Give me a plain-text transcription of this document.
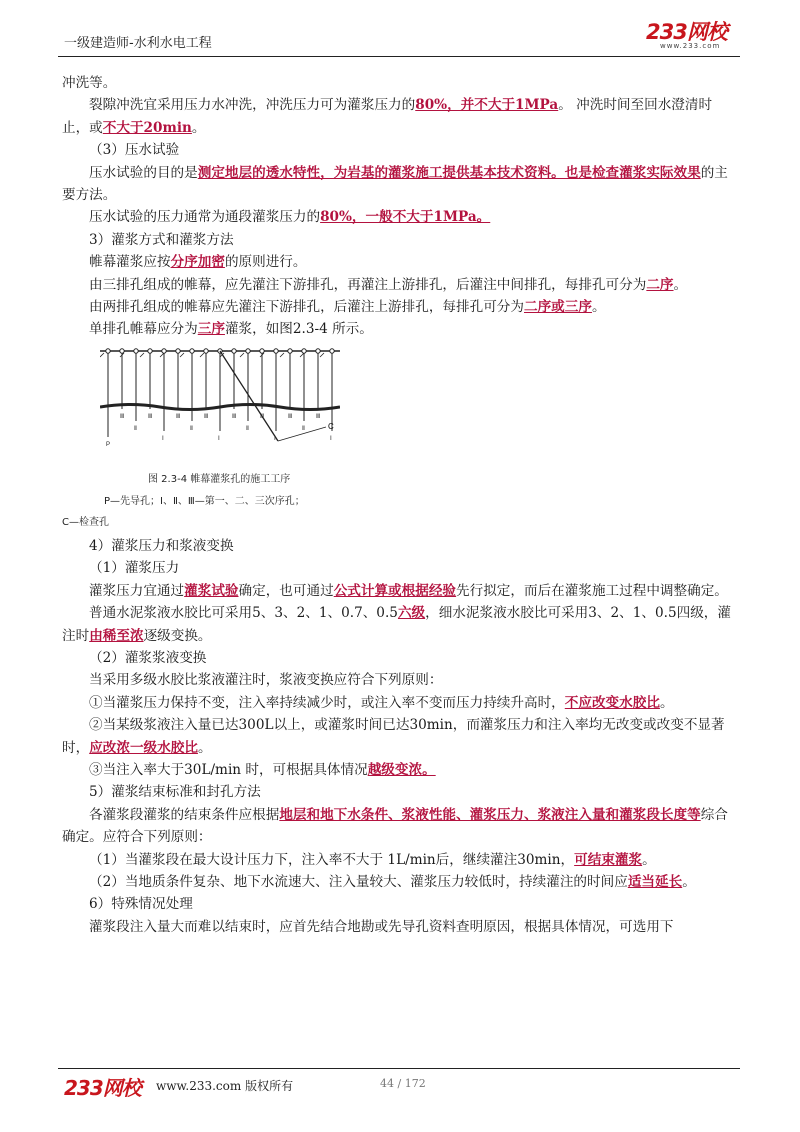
一级建造师-水利水电工程	233网校
www.233.com

冲洗等。

裂隙冲洗宜采用压力水冲洗，冲洗压力可为灌浆压力的80%，并不大于1MPa。 冲洗时间至回水澄清时止，或不大于20min。

（3）压水试验

压水试验的目的是测定地层的透水特性，为岩基的灌浆施工提供基本技术资料。也是检查灌浆实际效果的主要方法。

压水试验的压力通常为通段灌浆压力的80%，一般不大于1MPa。

3）灌浆方式和灌浆方法

帷幕灌浆应按分序加密的原则进行。

由三排孔组成的帷幕，应先灌注下游排孔，再灌注上游排孔，后灌注中间排孔，每排孔可分为二序。

由两排孔组成的帷幕应先灌注下游排孔，后灌注上游排孔，每排孔可分为二序或三序。

单排孔帷幕应分为三序灌浆，如图2.3-4 所示。

C
P
Ⅲ
Ⅱ
Ⅲ
Ⅰ
Ⅲ
Ⅱ
Ⅲ
Ⅰ
Ⅲ
Ⅱ
Ⅲ
Ⅰ
Ⅲ
Ⅱ
Ⅲ
Ⅰ
图 2.3-4 帷幕灌浆孔的施工工序
P—先导孔；Ⅰ、Ⅱ、Ⅲ—第一、二、三次序孔；
C—检查孔

4）灌浆压力和浆液变换

（1）灌浆压力

灌浆压力宜通过灌浆试验确定，也可通过公式计算或根据经验先行拟定，而后在灌浆施工过程中调整确定。

普通水泥浆液水胶比可采用5、3、2、1、0.7、0.5六级，细水泥浆液水胶比可采用3、2、1、0.5四级，灌注时由稀至浓逐级变换。

（2）灌浆浆液变换

当采用多级水胶比浆液灌注时，浆液变换应符合下列原则：

①当灌浆压力保持不变，注入率持续减少时，或注入率不变而压力持续升高时，不应改变水胶比。

②当某级浆液注入量已达300L以上，或灌浆时间已达30min，而灌浆压力和注入率均无改变或改变不显著时，应改浓一级水胶比。

③当注入率大于30L/min 时，可根据具体情况越级变浓。

5）灌浆结束标准和封孔方法

各灌浆段灌浆的结束条件应根据地层和地下水条件、浆液性能、灌浆压力、浆液注入量和灌浆段长度等综合确定。应符合下列原则：

（1）当灌浆段在最大设计压力下，注入率不大于 1L/min后，继续灌注30min，可结束灌浆。

（2）当地质条件复杂、地下水流速大、注入量较大、灌浆压力较低时，持续灌注的时间应适当延长。

6）特殊情况处理

灌浆段注入量大而难以结束时，应首先结合地勘或先导孔资料查明原因，根据具体情况，可选用下

233网校 www.233.com 版权所有	44 / 172
